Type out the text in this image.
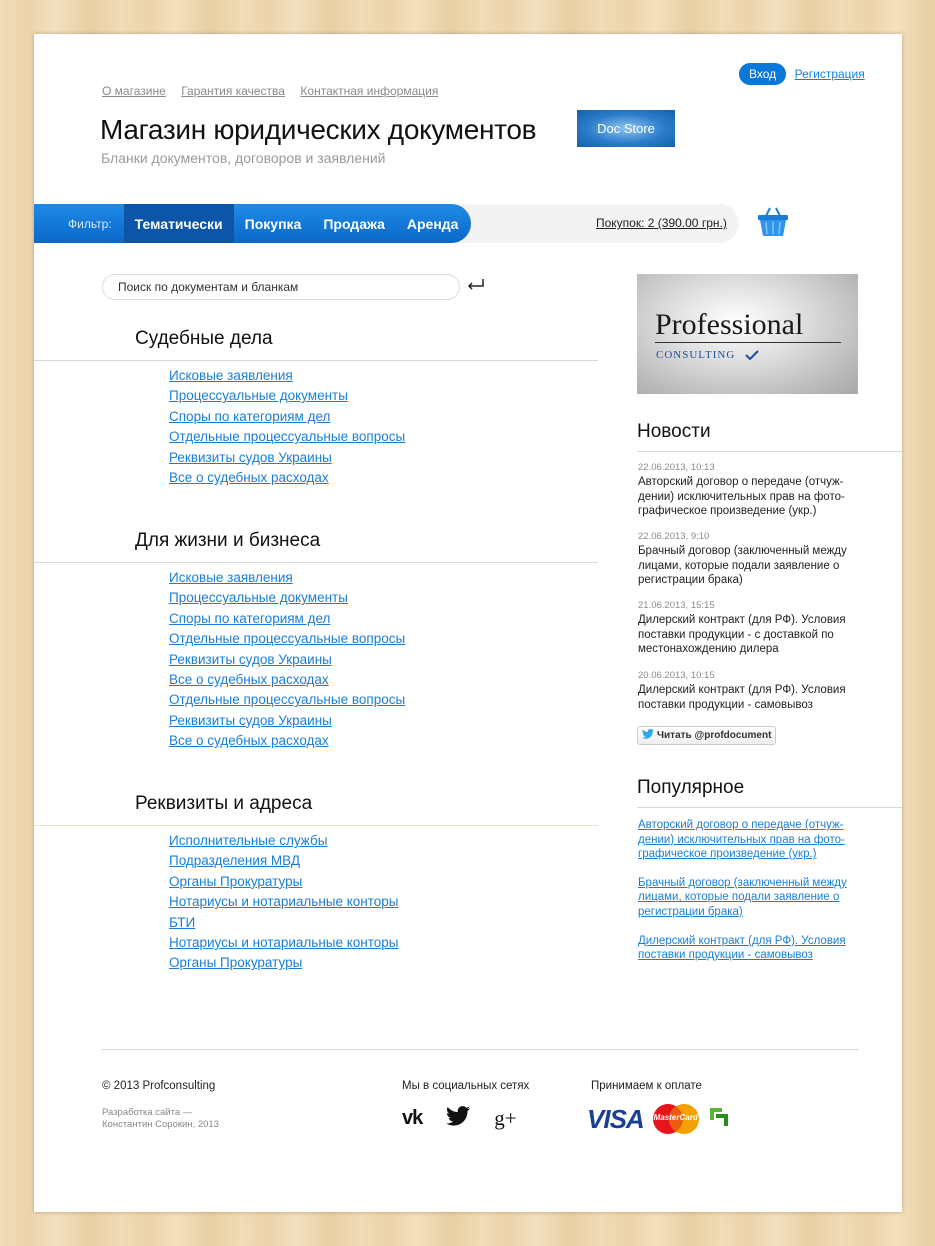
О магазине Гарантия качества Контактная информация
Вход Регистрация
Магазин юридических документов
Бланки документов, договоров и заявлений
Doc Store
Фильтр:	Тематически	Покупка	Продажа	Аренда	Покупок: 2 (390.00 грн.)
Поиск по документам и бланкам
Судебные дела
Исковые заявления
Процессуальные документы
Споры по категориям дел
Отдельные процессуальные вопросы
Реквизиты судов Украины
Все о судебных расходах
Для жизни и бизнеса
Исковые заявления
Процессуальные документы
Споры по категориям дел
Отдельные процессуальные вопросы
Реквизиты судов Украины
Все о судебных расходах
Отдельные процессуальные вопросы
Реквизиты судов Украины
Все о судебных расходах
Реквизиты и адреса
Исполнительные службы
Подразделения МВД
Органы Прокуратуры
Нотариусы и нотариальные конторы
БТИ
Нотариусы и нотариальные конторы
Органы Прокуратуры
Professional
CONSULTING
Новости
22.06.2013, 10:13
Авторский договор о передаче (отчуж-
дении) исключительных прав на фото-
графическое произведение (укр.)
22.06.2013, 9:10
Брачный договор (заключенный между
лицами, которые подали заявление о
регистрации брака)
21.06.2013, 15:15
Дилерский контракт (для РФ). Условия
поставки продукции - с доставкой по
местонахождению дилера
20.06.2013, 10:15
Дилерский контракт (для РФ). Условия
поставки продукции - самовывоз
Читать @profdocument
Популярное
Авторский договор о передаче (отчуж-
дении) исключительных прав на фото-
графическое произведение (укр.)
Брачный договор (заключенный между
лицами, которые подали заявление о
регистрации брака)
Дилерский контракт (для РФ). Условия
поставки продукции - самовывоз
© 2013 Profconsulting
Разработка сайта —
Константин Сорокин, 2013
Мы в социальных сетях
vk	g+
Принимаем к оплате
VISA MasterCard
